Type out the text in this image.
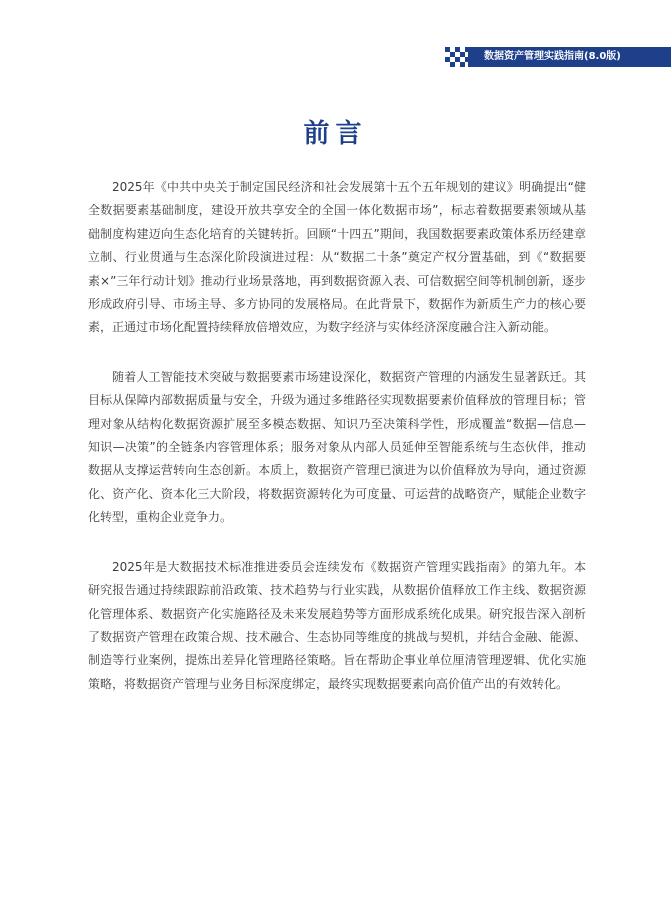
数据资产管理实践指南(8.0版)
前言

2025年《中共中央关于制定国民经济和社会发展第十五个五年规划的建议》明确提出“健全数据要素基础制度，建设开放共享安全的全国一体化数据市场”，标志着数据要素领域从基础制度构建迈向生态化培育的关键转折。回顾“十四五”期间，我国数据要素政策体系历经建章立制、行业贯通与生态深化阶段演进过程：从“数据二十条”奠定产权分置基础，到《“数据要素×”三年行动计划》推动行业场景落地，再到数据资源入表、可信数据空间等机制创新，逐步形成政府引导、市场主导、多方协同的发展格局。在此背景下，数据作为新质生产力的核心要素，正通过市场化配置持续释放倍增效应，为数字经济与实体经济深度融合注入新动能。

随着人工智能技术突破与数据要素市场建设深化，数据资产管理的内涵发生显著跃迁。其目标从保障内部数据质量与安全，升级为通过多维路径实现数据要素价值释放的管理目标；管理对象从结构化数据资源扩展至多模态数据、知识乃至决策科学性，形成覆盖“数据—信息—知识—决策”的全链条内容管理体系；服务对象从内部人员延伸至智能系统与生态伙伴，推动数据从支撑运营转向生态创新。本质上，数据资产管理已演进为以价值释放为导向，通过资源化、资产化、资本化三大阶段，将数据资源转化为可度量、可运营的战略资产，赋能企业数字化转型，重构企业竞争力。

2025年是大数据技术标准推进委员会连续发布《数据资产管理实践指南》的第九年。本研究报告通过持续跟踪前沿政策、技术趋势与行业实践，从数据价值释放工作主线、数据资源化管理体系、数据资产化实施路径及未来发展趋势等方面形成系统化成果。研究报告深入剖析了数据资产管理在政策合规、技术融合、生态协同等维度的挑战与契机，并结合金融、能源、制造等行业案例，提炼出差异化管理路径策略。旨在帮助企事业单位厘清管理逻辑、优化实施策略，将数据资产管理与业务目标深度绑定，最终实现数据要素向高价值产出的有效转化。
